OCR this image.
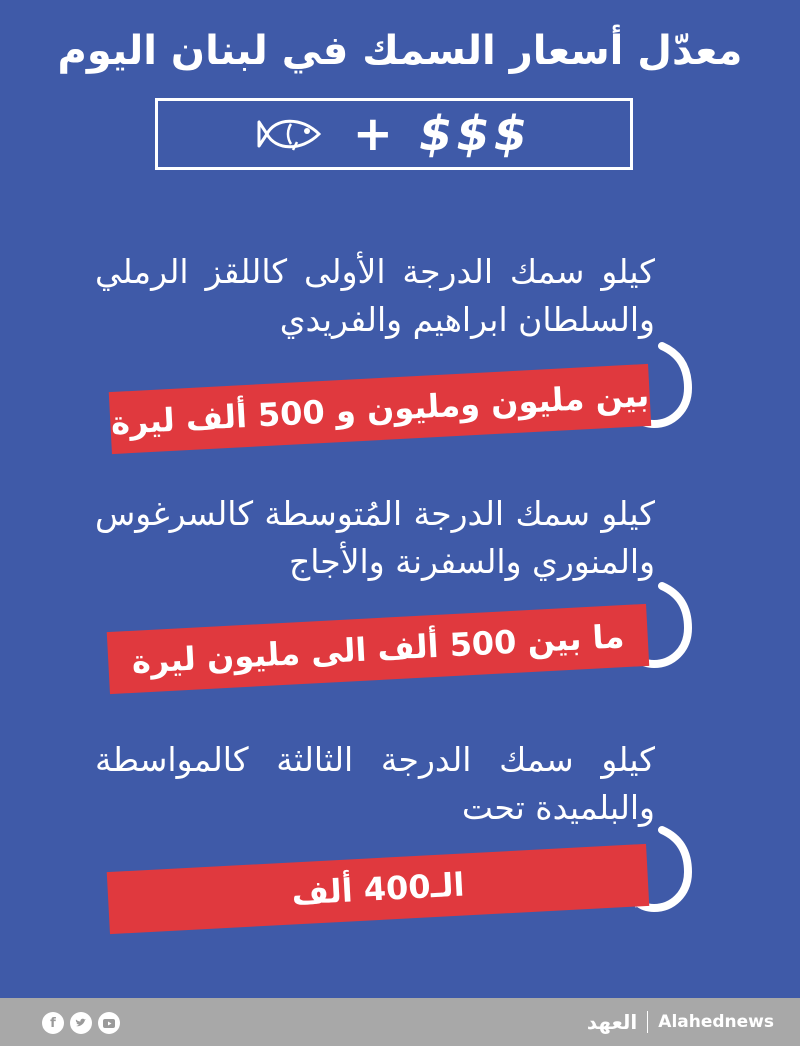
معدّل أسعار السمك في لبنان اليوم
+ $$$
كيلو سمك الدرجة الأولى كاللقز الرملي والسلطان ابراهيم والفريدي
بين مليون ومليون و 500 ألف ليرة
كيلو سمك الدرجة المُتوسطة كالسرغوس والمنوري والسفرنة والأجاج
ما بين 500 ألف الى مليون ليرة
كيلو سمك الدرجة الثالثة كالمواسطة والبلميدة تحت
الـ400 ألف
f	العهد Alahednews
